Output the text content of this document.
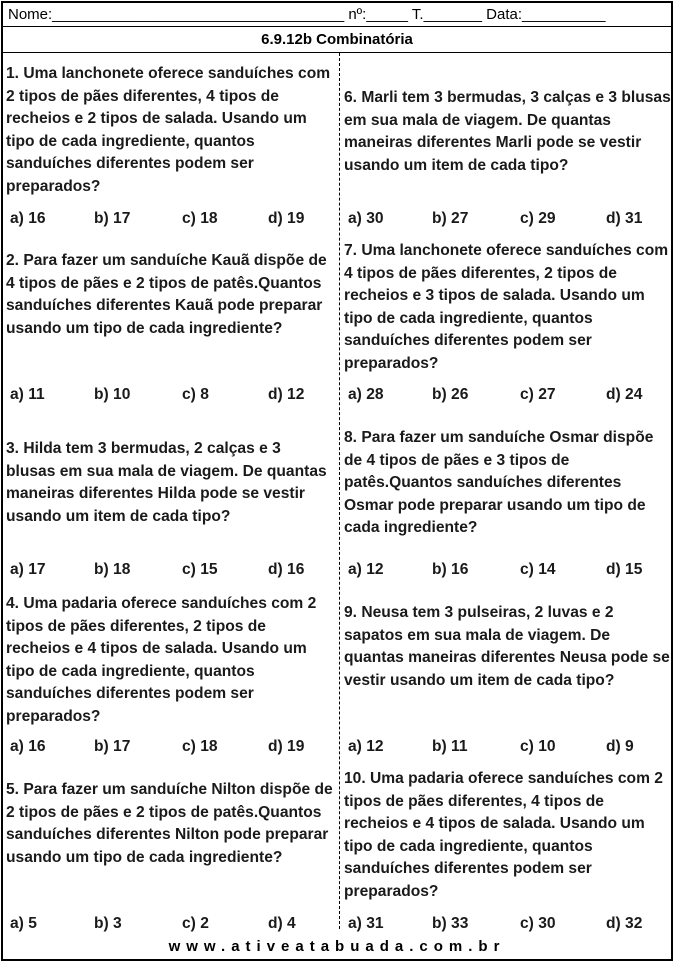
Nome:___________________________________ nº:_____ T._______ Data:__________
6.9.12b Combinatória
1. Uma lanchonete oferece sanduíches com 2 tipos de pães diferentes, 4 tipos de recheios e 2 tipos de salada. Usando um tipo de cada ingrediente, quantos sanduíches diferentes podem ser preparados?
a) 16	b) 17	c) 18	d) 19
2. Para fazer um sanduíche Kauã dispõe de 4 tipos de pães e 2 tipos de patês.Quantos sanduíches diferentes Kauã pode preparar usando um tipo de cada ingrediente?
a) 11	b) 10	c) 8	d) 12
3. Hilda tem 3 bermudas, 2 calças e 3 blusas em sua mala de viagem. De quantas maneiras diferentes Hilda pode se vestir usando um item de cada tipo?
a) 17	b) 18	c) 15	d) 16
4. Uma padaria oferece sanduíches com 2 tipos de pães diferentes, 2 tipos de recheios e 4 tipos de salada. Usando um tipo de cada ingrediente, quantos sanduíches diferentes podem ser preparados?
a) 16	b) 17	c) 18	d) 19
5. Para fazer um sanduíche Nilton dispõe de 2 tipos de pães e 2 tipos de patês.Quantos sanduíches diferentes Nilton pode preparar usando um tipo de cada ingrediente?
a) 5	b) 3	c) 2	d) 4
6. Marli tem 3 bermudas, 3 calças e 3 blusas em sua mala de viagem. De quantas maneiras diferentes Marli pode se vestir usando um item de cada tipo?
a) 30	b) 27	c) 29	d) 31
7. Uma lanchonete oferece sanduíches com 4 tipos de pães diferentes, 2 tipos de recheios e 3 tipos de salada. Usando um tipo de cada ingrediente, quantos sanduíches diferentes podem ser preparados?
a) 28	b) 26	c) 27	d) 24
8. Para fazer um sanduíche Osmar dispõe de 4 tipos de pães e 3 tipos de patês.Quantos sanduíches diferentes Osmar pode preparar usando um tipo de cada ingrediente?
a) 12	b) 16	c) 14	d) 15
9. Neusa tem 3 pulseiras, 2 luvas e 2 sapatos em sua mala de viagem. De quantas maneiras diferentes Neusa pode se vestir usando um item de cada tipo?
a) 12	b) 11	c) 10	d) 9
10. Uma padaria oferece sanduíches com 2 tipos de pães diferentes, 4 tipos de recheios e 4 tipos de salada. Usando um tipo de cada ingrediente, quantos sanduíches diferentes podem ser preparados?
a) 31	b) 33	c) 30	d) 32
www.ativeatabuada.com.br
